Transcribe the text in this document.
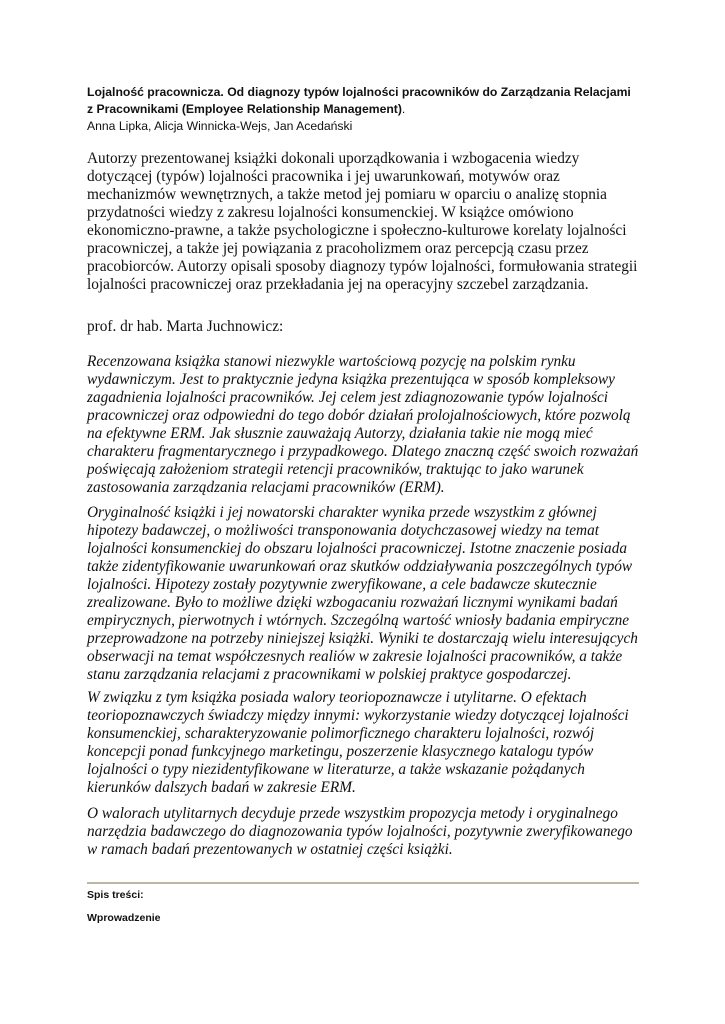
Lojalność pracownicza. Od diagnozy typów lojalności pracowników do Zarządzania Relacjami z Pracownikami (Employee Relationship Management).

Anna Lipka, Alicja Winnicka-Wejs, Jan Acedański

Autorzy prezentowanej książki dokonali uporządkowania i wzbogacenia wiedzy dotyczącej (typów) lojalności pracownika i jej uwarunkowań, motywów oraz mechanizmów wewnętrznych, a także metod jej pomiaru w oparciu o analizę stopnia przydatności wiedzy z zakresu lojalności konsumenckiej. W książce omówiono ekonomiczno-prawne, a także psychologiczne i społeczno-kulturowe korelaty lojalności pracowniczej, a także jej powiązania z pracoholizmem oraz percepcją czasu przez pracobiorców. Autorzy opisali sposoby diagnozy typów lojalności, formułowania strategii lojalności pracowniczej oraz przekładania jej na operacyjny szczebel zarządzania.

prof. dr hab. Marta Juchnowicz:

Recenzowana książka stanowi niezwykle wartościową pozycję na polskim rynku wydawniczym. Jest to praktycznie jedyna książka prezentująca w sposób kompleksowy zagadnienia lojalności pracowników. Jej celem jest zdiagnozowanie typów lojalności pracowniczej oraz odpowiedni do tego dobór działań prolojalnościowych, które pozwolą na efektywne ERM. Jak słusznie zauważają Autorzy, działania takie nie mogą mieć charakteru fragmentarycznego i przypadkowego. Dlatego znaczną część swoich rozważań poświęcają założeniom strategii retencji pracowników, traktując to jako warunek zastosowania zarządzania relacjami pracowników (ERM).

Oryginalność książki i jej nowatorski charakter wynika przede wszystkim z głównej hipotezy badawczej, o możliwości transponowania dotychczasowej wiedzy na temat lojalności konsumenckiej do obszaru lojalności pracowniczej. Istotne znaczenie posiada także zidentyfikowanie uwarunkowań oraz skutków oddziaływania poszczególnych typów lojalności. Hipotezy zostały pozytywnie zweryfikowane, a cele badawcze skutecznie zrealizowane. Było to możliwe dzięki wzbogacaniu rozważań licznymi wynikami badań empirycznych, pierwotnych i wtórnych. Szczególną wartość wniosły badania empiryczne przeprowadzone na potrzeby niniejszej książki. Wyniki te dostarczają wielu interesujących obserwacji na temat współczesnych realiów w zakresie lojalności pracowników, a także stanu zarządzania relacjami z pracownikami w polskiej praktyce gospodarczej.

W związku z tym książka posiada walory teoriopoznawcze i utylitarne. O efektach teoriopoznawczych świadczy między innymi: wykorzystanie wiedzy dotyczącej lojalności konsumenckiej, scharakteryzowanie polimorficznego charakteru lojalności, rozwój koncepcji ponad funkcyjnego marketingu, poszerzenie klasycznego katalogu typów lojalności o typy niezidentyfikowane w literaturze, a także wskazanie pożądanych kierunków dalszych badań w zakresie ERM.

O walorach utylitarnych decyduje przede wszystkim propozycja metody i oryginalnego narzędzia badawczego do diagnozowania typów lojalności, pozytywnie zweryfikowanego w ramach badań prezentowanych w ostatniej części książki.

Spis treści:

Wprowadzenie
